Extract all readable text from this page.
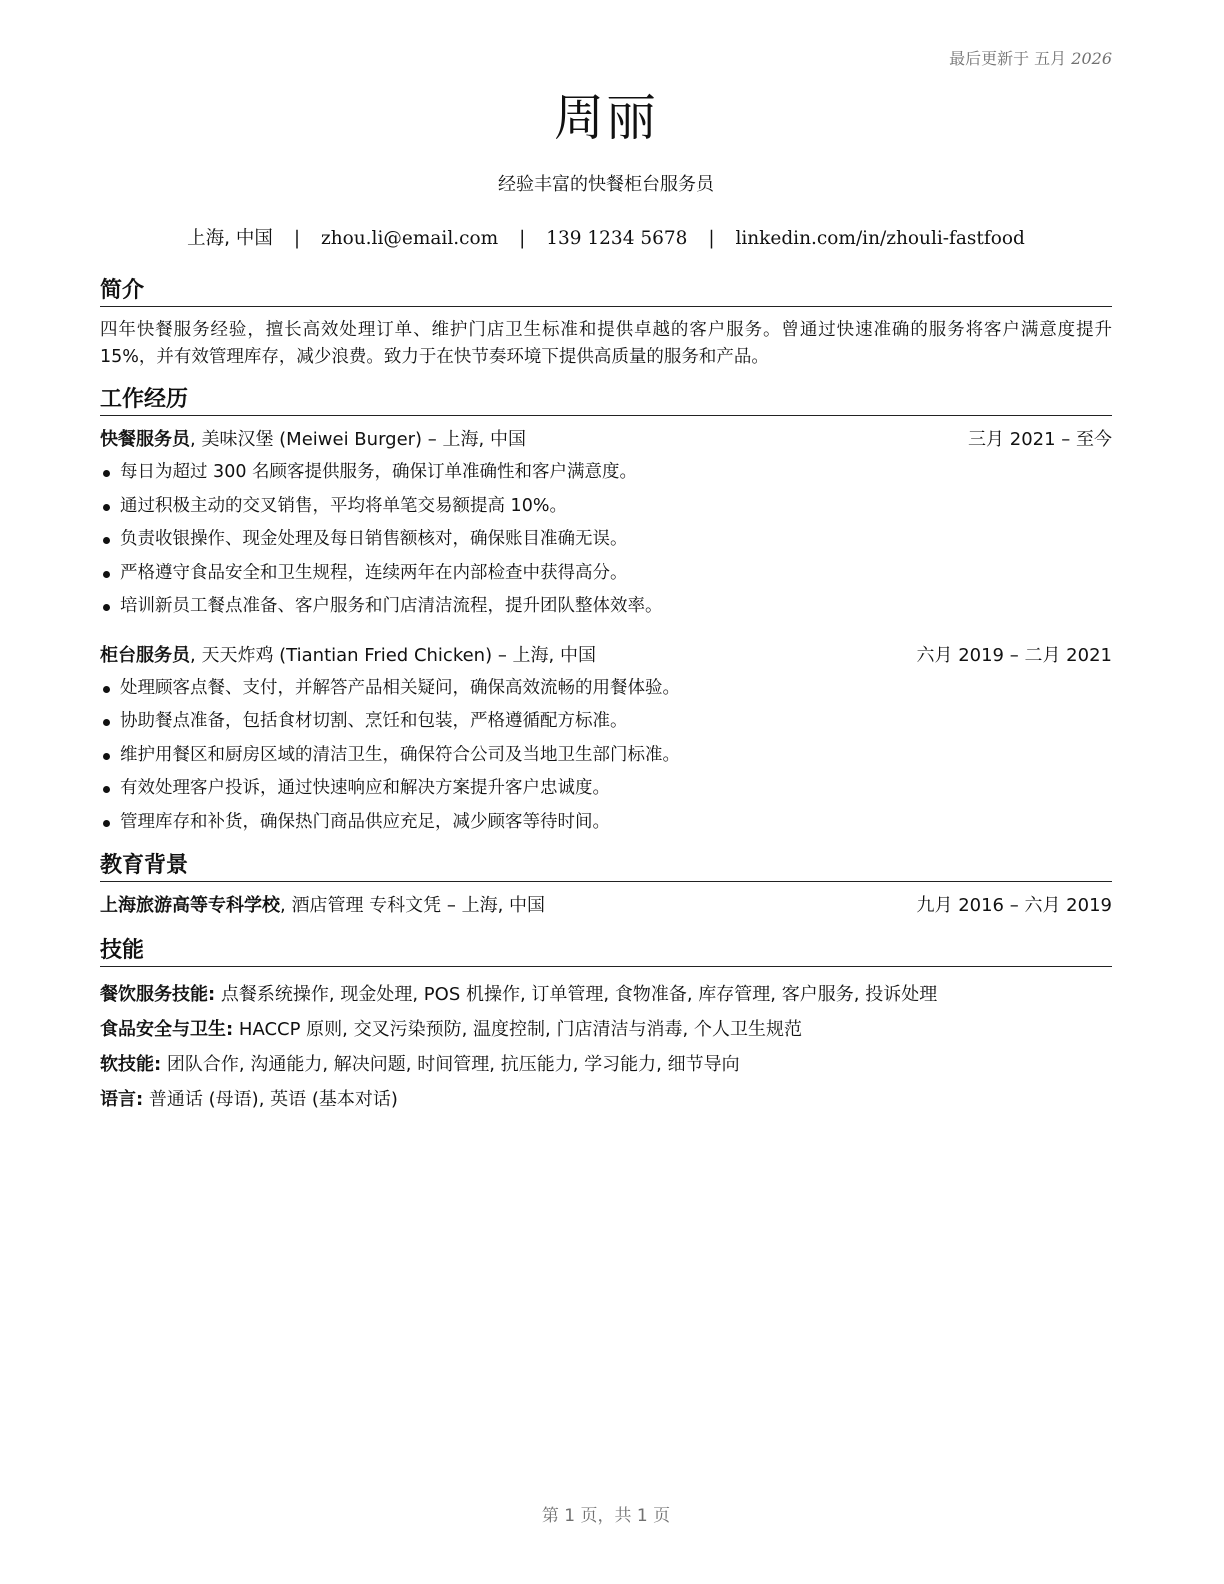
最后更新于 五月 2026
周丽
经验丰富的快餐柜台服务员
上海, 中国 | zhou.li@email.com | 139 1234 5678 | linkedin.com/in/zhouli-fastfood
简介
四年快餐服务经验，擅长高效处理订单、维护门店卫生标准和提供卓越的客户服务。曾通过快速准确的服务将客户满意度提升 15%，并有效管理库存，减少浪费。致力于在快节奏环境下提供高质量的服务和产品。
工作经历
快餐服务员, 美味汉堡 (Meiwei Burger) – 上海, 中国	三月 2021 – 至今
每日为超过 300 名顾客提供服务，确保订单准确性和客户满意度。
通过积极主动的交叉销售，平均将单笔交易额提高 10%。
负责收银操作、现金处理及每日销售额核对，确保账目准确无误。
严格遵守食品安全和卫生规程，连续两年在内部检查中获得高分。
培训新员工餐点准备、客户服务和门店清洁流程，提升团队整体效率。
柜台服务员, 天天炸鸡 (Tiantian Fried Chicken) – 上海, 中国	六月 2019 – 二月 2021
处理顾客点餐、支付，并解答产品相关疑问，确保高效流畅的用餐体验。
协助餐点准备，包括食材切割、烹饪和包装，严格遵循配方标准。
维护用餐区和厨房区域的清洁卫生，确保符合公司及当地卫生部门标准。
有效处理客户投诉，通过快速响应和解决方案提升客户忠诚度。
管理库存和补货，确保热门商品供应充足，减少顾客等待时间。
教育背景
上海旅游高等专科学校, 酒店管理 专科文凭 – 上海, 中国	九月 2016 – 六月 2019
技能
餐饮服务技能: 点餐系统操作, 现金处理, POS 机操作, 订单管理, 食物准备, 库存管理, 客户服务, 投诉处理
食品安全与卫生: HACCP 原则, 交叉污染预防, 温度控制, 门店清洁与消毒, 个人卫生规范
软技能: 团队合作, 沟通能力, 解决问题, 时间管理, 抗压能力, 学习能力, 细节导向
语言: 普通话 (母语), 英语 (基本对话)
第 1 页，共 1 页
